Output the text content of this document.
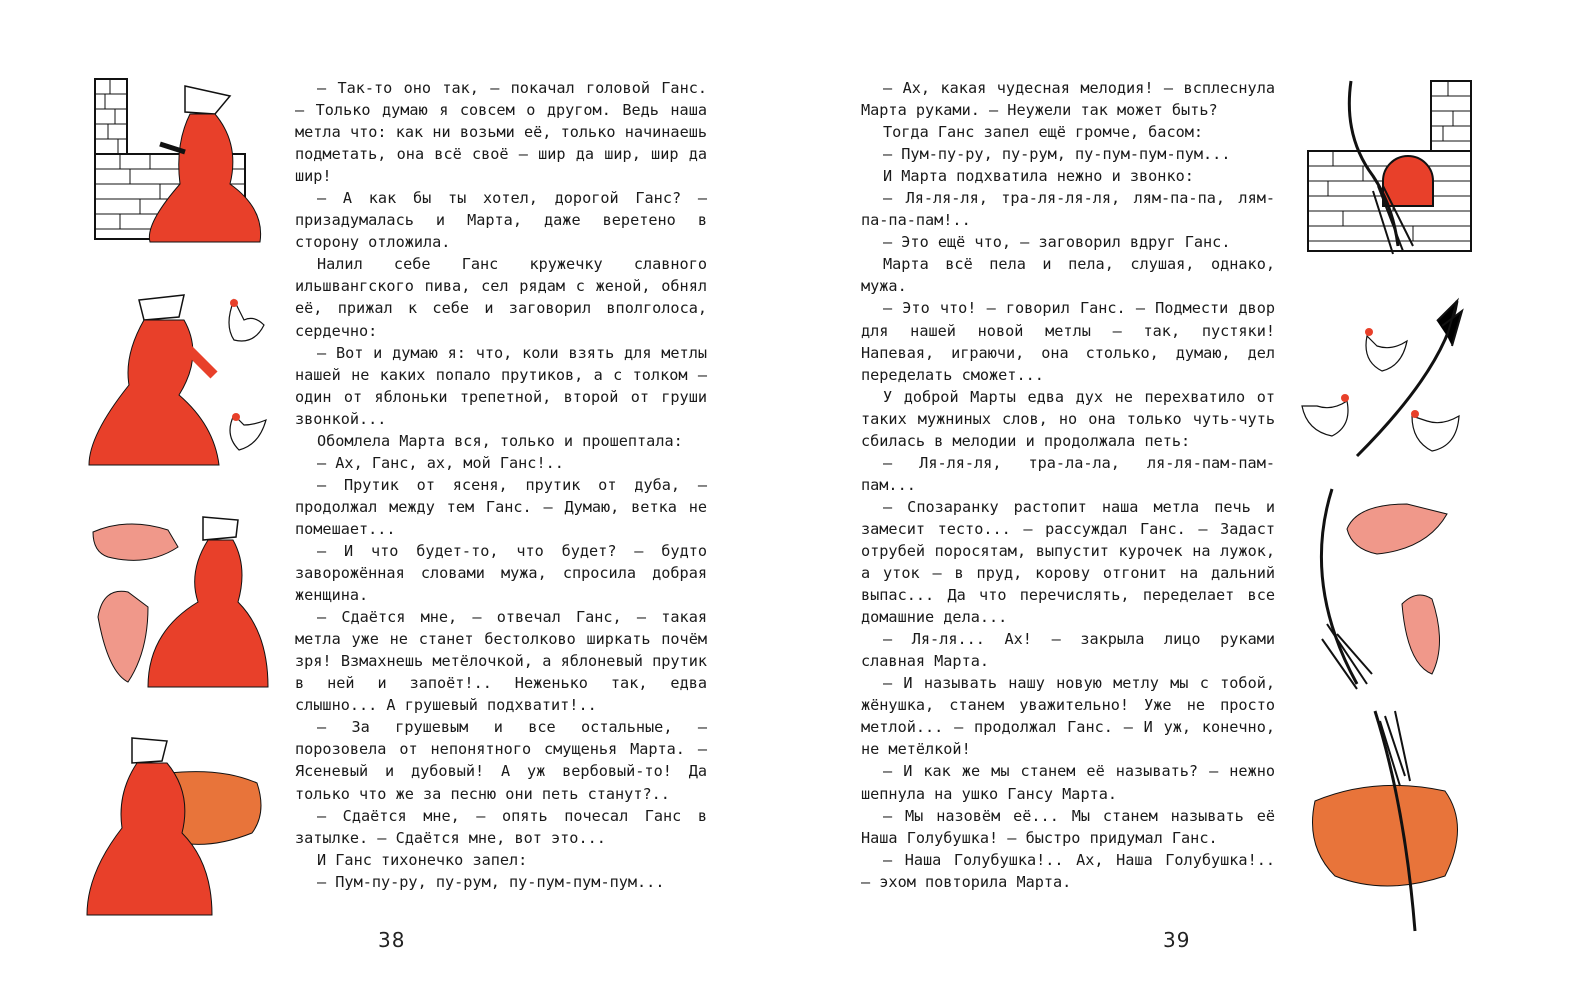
— Так-то оно так, — покачал головой Ганс. — Только думаю я совсем о другом. Ведь наша метла что: как ни возьми её, только начинаешь подметать, она всё своё — шир да шир, шир да шир!

— А как бы ты хотел, дорогой Ганс? — призадумалась и Марта, даже веретено в сторону отложила.

Налил себе Ганс кружечку славного ильшвангского пива, сел рядам с женой, обнял её, прижал к себе и заговорил вполголоса, сердечно:

— Вот и думаю я: что, коли взять для метлы нашей не каких попало прутиков, а с толком — один от яблоньки трепетной, второй от груши звонкой...

Обомлела Марта вся, только и прошептала:

— Ах, Ганс, ах, мой Ганс!..

— Прутик от ясеня, прутик от дуба, — продолжал между тем Ганс. — Думаю, ветка не помешает...

— И что будет-то, что будет? — будто заворожённая словами мужа, спросила добрая женщина.

— Сдаётся мне, — отвечал Ганс, — такая метла уже не станет бестолково ширкать почём зря! Взмахнешь метёлочкой, а яблоневый прутик в ней и запоёт!.. Неженько так, едва слышно... А грушевый подхватит!..

— За грушевым и все остальные, — порозовела от непонятного смущенья Марта. — Ясеневый и дубовый! А уж вербовый-то! Да только что же за песню они петь станут?..

— Сдаётся мне, — опять почесал Ганс в затылке. — Сдаётся мне, вот это...

И Ганс тихонечко запел:

— Пум-пу-ру, пу-рум, пу-пум-пум-пум...

38

— Ах, какая чудесная мелодия! — всплеснула Марта руками. — Неужели так может быть?

Тогда Ганс запел ещё громче, басом:

— Пум-пу-ру, пу-рум, пу-пум-пум-пум...

И Марта подхватила нежно и звонко:

— Ля-ля-ля, тра-ля-ля-ля, лям-па-па, лям-па-па-пам!..

— Это ещё что, — заговорил вдруг Ганс.

Марта всё пела и пела, слушая, однако, мужа.

— Это что! — говорил Ганс. — Подмести двор для нашей новой метлы — так, пустяки! Напевая, играючи, она столько, думаю, дел переделать сможет...

У доброй Марты едва дух не перехватило от таких мужниных слов, но она только чуть-чуть сбилась в мелодии и продолжала петь:

— Ля-ля-ля, тра-ла-ла, ля-ля-пам-пам-пам...

— Спозаранку растопит наша метла печь и замесит тесто... — рассуждал Ганс. — Задаст отрубей поросятам, выпустит курочек на лужок, а уток — в пруд, корову отгонит на дальний выпас... Да что перечислять, переделает все домашние дела...

— Ля-ля... Ах! — закрыла лицо руками славная Марта.

— И называть нашу новую метлу мы с тобой, жёнушка, станем уважительно! Уже не просто метлой... — продолжал Ганс. — И уж, конечно, не метёлкой!

— И как же мы станем её называть? — нежно шепнула на ушко Гансу Марта.

— Мы назовём её... Мы станем называть её Наша Голубушка! — быстро придумал Ганс.

— Наша Голубушка!.. Ах, Наша Голубушка!.. — эхом повторила Марта.

39
